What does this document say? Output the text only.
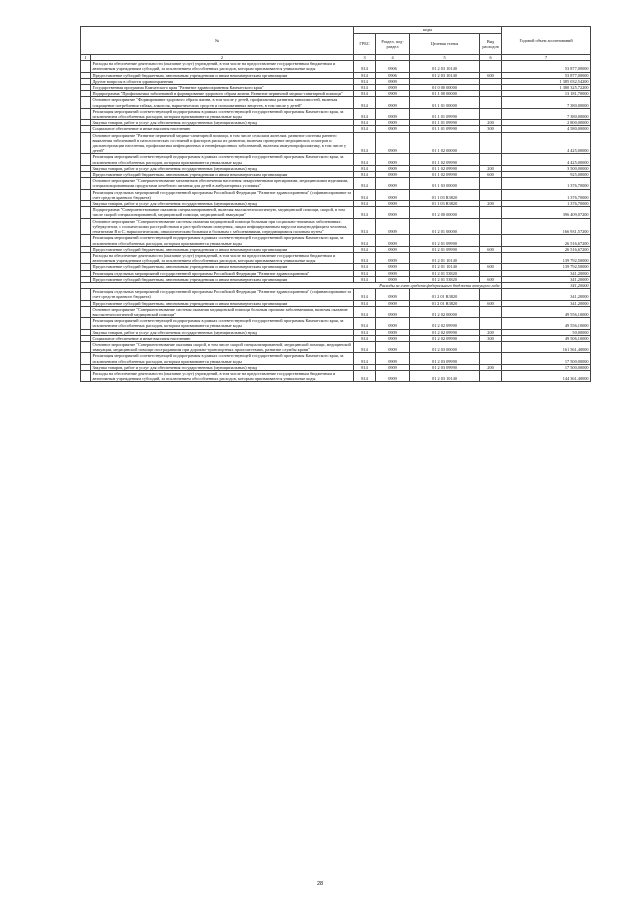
№		коды				Годовой объем ассигнований
		ГРБС	Раздел, под-раздел	Целевая статья	Вид расходов	
1	2	3	4	5	6	7
	Расходы на обеспечение деятельности (оказание услуг) учреждений, в том числе на предоставление государственным бюджетным и автономным учреждениям субсидий, за исключением обособленных расходов, которым присваиваются уникальные коды	814	0906	01 2 03 10140		53 877,00000
	Предоставление субсидий бюджетным, автономным учреждениям и иным некоммерческим организациям	814	0906	01 2 03 10140	600	53 877,00000
	Другие вопросы в области здравоохранения	814	0909			1 385 032,54200
	Государственная программа Камчатского края "Развитие здравоохранения Камчатского края"	814	0909	01 0 00 00000		1 380 325,72200
	Подпрограмма "Профилактика заболеваний и формирование здорового образа жизни. Развитие первичной медико-санитарной помощи"	814	0909	01 1 00 00000		13 181,70000
	Основное мероприятие "Формирование здорового образа жизни, в том числе у детей, профилактика развития зависимостей, включая сокращение потребления табака, алкоголя, наркотических средств и психоактивных веществ, в том числе у детей"	814	0909	01 1 01 00000		7 380,00000
	Реализация мероприятий соответствующей подпрограммы в рамках соответствующей государственной программы Камчатского края, за исключением обособленных расходов, которым присваиваются уникальные коды	814	0909	01 1 01 09990		7 380,00000
	Закупка товаров, работ и услуг для обеспечения государственных (муниципальных) нужд	814	0909	01 1 01 09990	200	2 800,00000
	Социальное обеспечение и иные выплаты населению	814	0909	01 1 01 09990	300	4 580,00000
	Основное мероприятие "Развитие первичной медико-санитарной помощи, в том числе сельским жителям. развитие системы раннего выявления заболеваний и патологических состояний и факторов риска их развития, включая проведение медицинских осмотров и диспансеризации населения, профилактика инфекционных и неинфекционных заболеваний, включая иммунопрофилактику, в том числе у детей"	814	0909	01 1 02 00000		4 425,00000
	Реализация мероприятий соответствующей подпрограммы в рамках соответствующей государственной программы Камчатского края, за исключением обособленных расходов, которым присваиваются уникальные коды	814	0909	01 1 02 09990		4 425,00000
	Закупка товаров, работ и услуг для обеспечения государственных (муниципальных) нужд	814	0909	01 1 02 09990	200	3 500,00000
	Предоставление субсидий бюджетным, автономным учреждениям и иным некоммерческим организациям	814	0909	01 1 02 09990	600	925,00000
	Основное мероприятие "Совершенствование механизмов обеспечения населения лекарственными препаратами, медицинскими изделиями, специализированными продуктами лечебного питания для детей в амбулаторных условиях"	814	0909	01 1 03 00000		1 376,70000
	Реализация отдельных мероприятий государственной программы Российской Федерации "Развитие здравоохранения" (софинансирование за счет средств краевого бюджета)	814	0909	01 1 03 R3820		1 376,70000
	Закупка товаров, работ и услуг для обеспечения государственных (муниципальных) нужд	814	0909	01 1 03 R3820	200	1 376,70000
	Подпрограмма "Совершенствование оказания специализированной, включая высокотехнологичную, медицинской помощи, скорой, в том числе скорой специализированной, медицинской помощи, медицинской эвакуации"	814	0909	01 2 00 00000		396 409,07200
	Основное мероприятие "Совершенствование системы оказания медицинской помощи больным при социально-значимых заболеваниях: туберкулезом, с психическими расстройствами и расстройствами поведения, лицам инфицированным вирусом иммунодефицита человека, гепатитами В и С, наркологическим, онкологическим больным и больным с заболеваниями, передающимися половым путем"	814	0909	01 2 01 00000		166 931,57200
	Реализация мероприятий соответствующей подпрограммы в рамках соответствующей государственной программы Камчатского края, за исключением обособленных расходов, которым присваиваются уникальные коды	814	0909	01 2 01 09990		26 516,67200
	Предоставление субсидий бюджетным, автономным учреждениям и иным некоммерческим организациям	814	0909	01 2 01 09990	600	26 516,67200
	Расходы на обеспечение деятельности (оказание услуг) учреждений, в том числе на предоставление государственным бюджетным и автономным учреждениям субсидий, за исключением обособленных расходов, которым присваиваются уникальные коды	814	0909	01 2 01 10140		139 792,50000
	Предоставление субсидий бюджетным, автономным учреждениям и иным некоммерческим организациям	814	0909	01 2 01 10140	600	139 792,50000
	Реализация отдельных мероприятий государственной программы Российской Федерации "Развитие здравоохранения"	814	0909	01 2 01 53820		341,20000
	Предоставление субсидий бюджетным, автономным учреждениям и иным некоммерческим организациям	814	0909	01 2 01 53820	600	341,20000
Расходы за счет средств федерального бюджета текущего года						341,20000
	Реализация отдельных мероприятий государственной программы Российской Федерации "Развитие здравоохранения" (софинансирование за счет средств краевого бюджета)	814	0909	01 2 01 R3820		341,20000
	Предоставление субсидий бюджетным, автономным учреждениям и иным некоммерческим организациям	814	0909	01 2 01 R3820	600	341,20000
	Основное мероприятие "Совершенствование системы оказания медицинской помощи больным прочими заболеваниями, включая оказание высокотехнологичной медицинской помощи"	814	0909	01 2 02 00000		49 556,10000
	Реализация мероприятий соответствующей подпрограммы в рамках соответствующей государственной программы Камчатского края, за исключением обособленных расходов, которым присваиваются уникальные коды	814	0909	01 2 02 09990		49 556,10000
	Закупка товаров, работ и услуг для обеспечения государственных (муниципальных) нужд	814	0909	01 2 02 09990	200	50,00000
	Социальное обеспечение и иные выплаты населению	814	0909	01 2 02 09990	300	49 506,10000
	Основное мероприятие "Совершенствование оказания скорой, в том числе скорой специализированной, медицинской помощи, медицинской эвакуации, медицинской помощи пострадавшим при дорожно-транспортных происшествиях, развитие службы крови"	814	0909	01 2 03 00000		161 561,40000
	Реализация мероприятий соответствующей подпрограммы в рамках соответствующей государственной программы Камчатского края, за исключением обособленных расходов, которым присваиваются уникальные коды	814	0909	01 2 03 09990		17 500,00000
	Закупка товаров, работ и услуг для обеспечения государственных (муниципальных) нужд	814	0909	01 2 03 09990	200	17 500,00000
	Расходы на обеспечение деятельности (оказание услуг) учреждений, в том числе на предоставление государственным бюджетным и автономным учреждениям субсидий, за исключением обособленных расходов, которым присваиваются уникальные коды	814	0909	01 2 03 10140		144 361,40000
28
